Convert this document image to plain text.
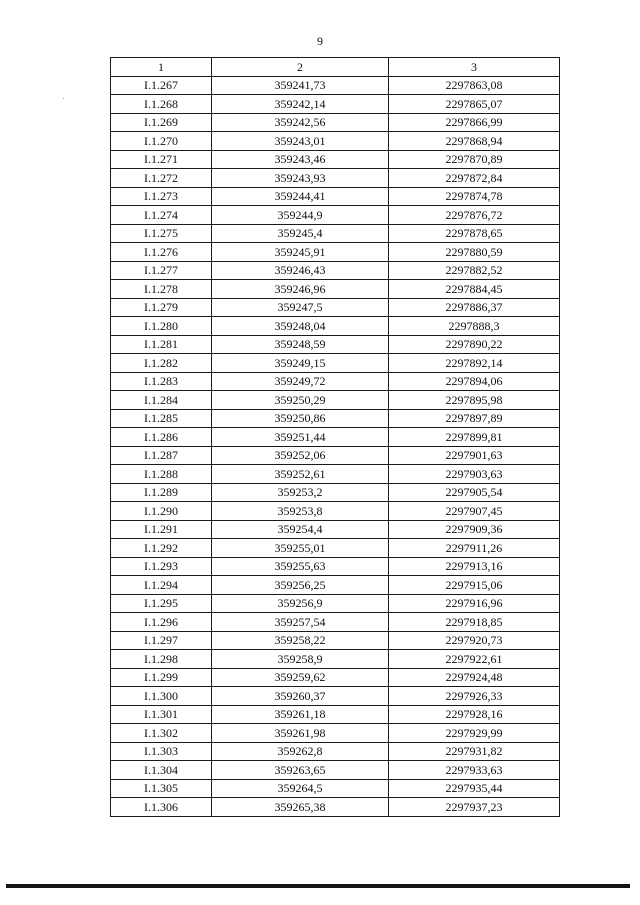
9
1	2	3
I.1.267	359241,73	2297863,08
I.1.268	359242,14	2297865,07
I.1.269	359242,56	2297866,99
I.1.270	359243,01	2297868,94
I.1.271	359243,46	2297870,89
I.1.272	359243,93	2297872,84
I.1.273	359244,41	2297874,78
I.1.274	359244,9	2297876,72
I.1.275	359245,4	2297878,65
I.1.276	359245,91	2297880,59
I.1.277	359246,43	2297882,52
I.1.278	359246,96	2297884,45
I.1.279	359247,5	2297886,37
I.1.280	359248,04	2297888,3
I.1.281	359248,59	2297890,22
I.1.282	359249,15	2297892,14
I.1.283	359249,72	2297894,06
I.1.284	359250,29	2297895,98
I.1.285	359250,86	2297897,89
I.1.286	359251,44	2297899,81
I.1.287	359252,06	2297901,63
I.1.288	359252,61	2297903,63
I.1.289	359253,2	2297905,54
I.1.290	359253,8	2297907,45
I.1.291	359254,4	2297909,36
I.1.292	359255,01	2297911,26
I.1.293	359255,63	2297913,16
I.1.294	359256,25	2297915,06
I.1.295	359256,9	2297916,96
I.1.296	359257,54	2297918,85
I.1.297	359258,22	2297920,73
I.1.298	359258,9	2297922,61
I.1.299	359259,62	2297924,48
I.1.300	359260,37	2297926,33
I.1.301	359261,18	2297928,16
I.1.302	359261,98	2297929,99
I.1.303	359262,8	2297931,82
I.1.304	359263,65	2297933,63
I.1.305	359264,5	2297935,44
I.1.306	359265,38	2297937,23
